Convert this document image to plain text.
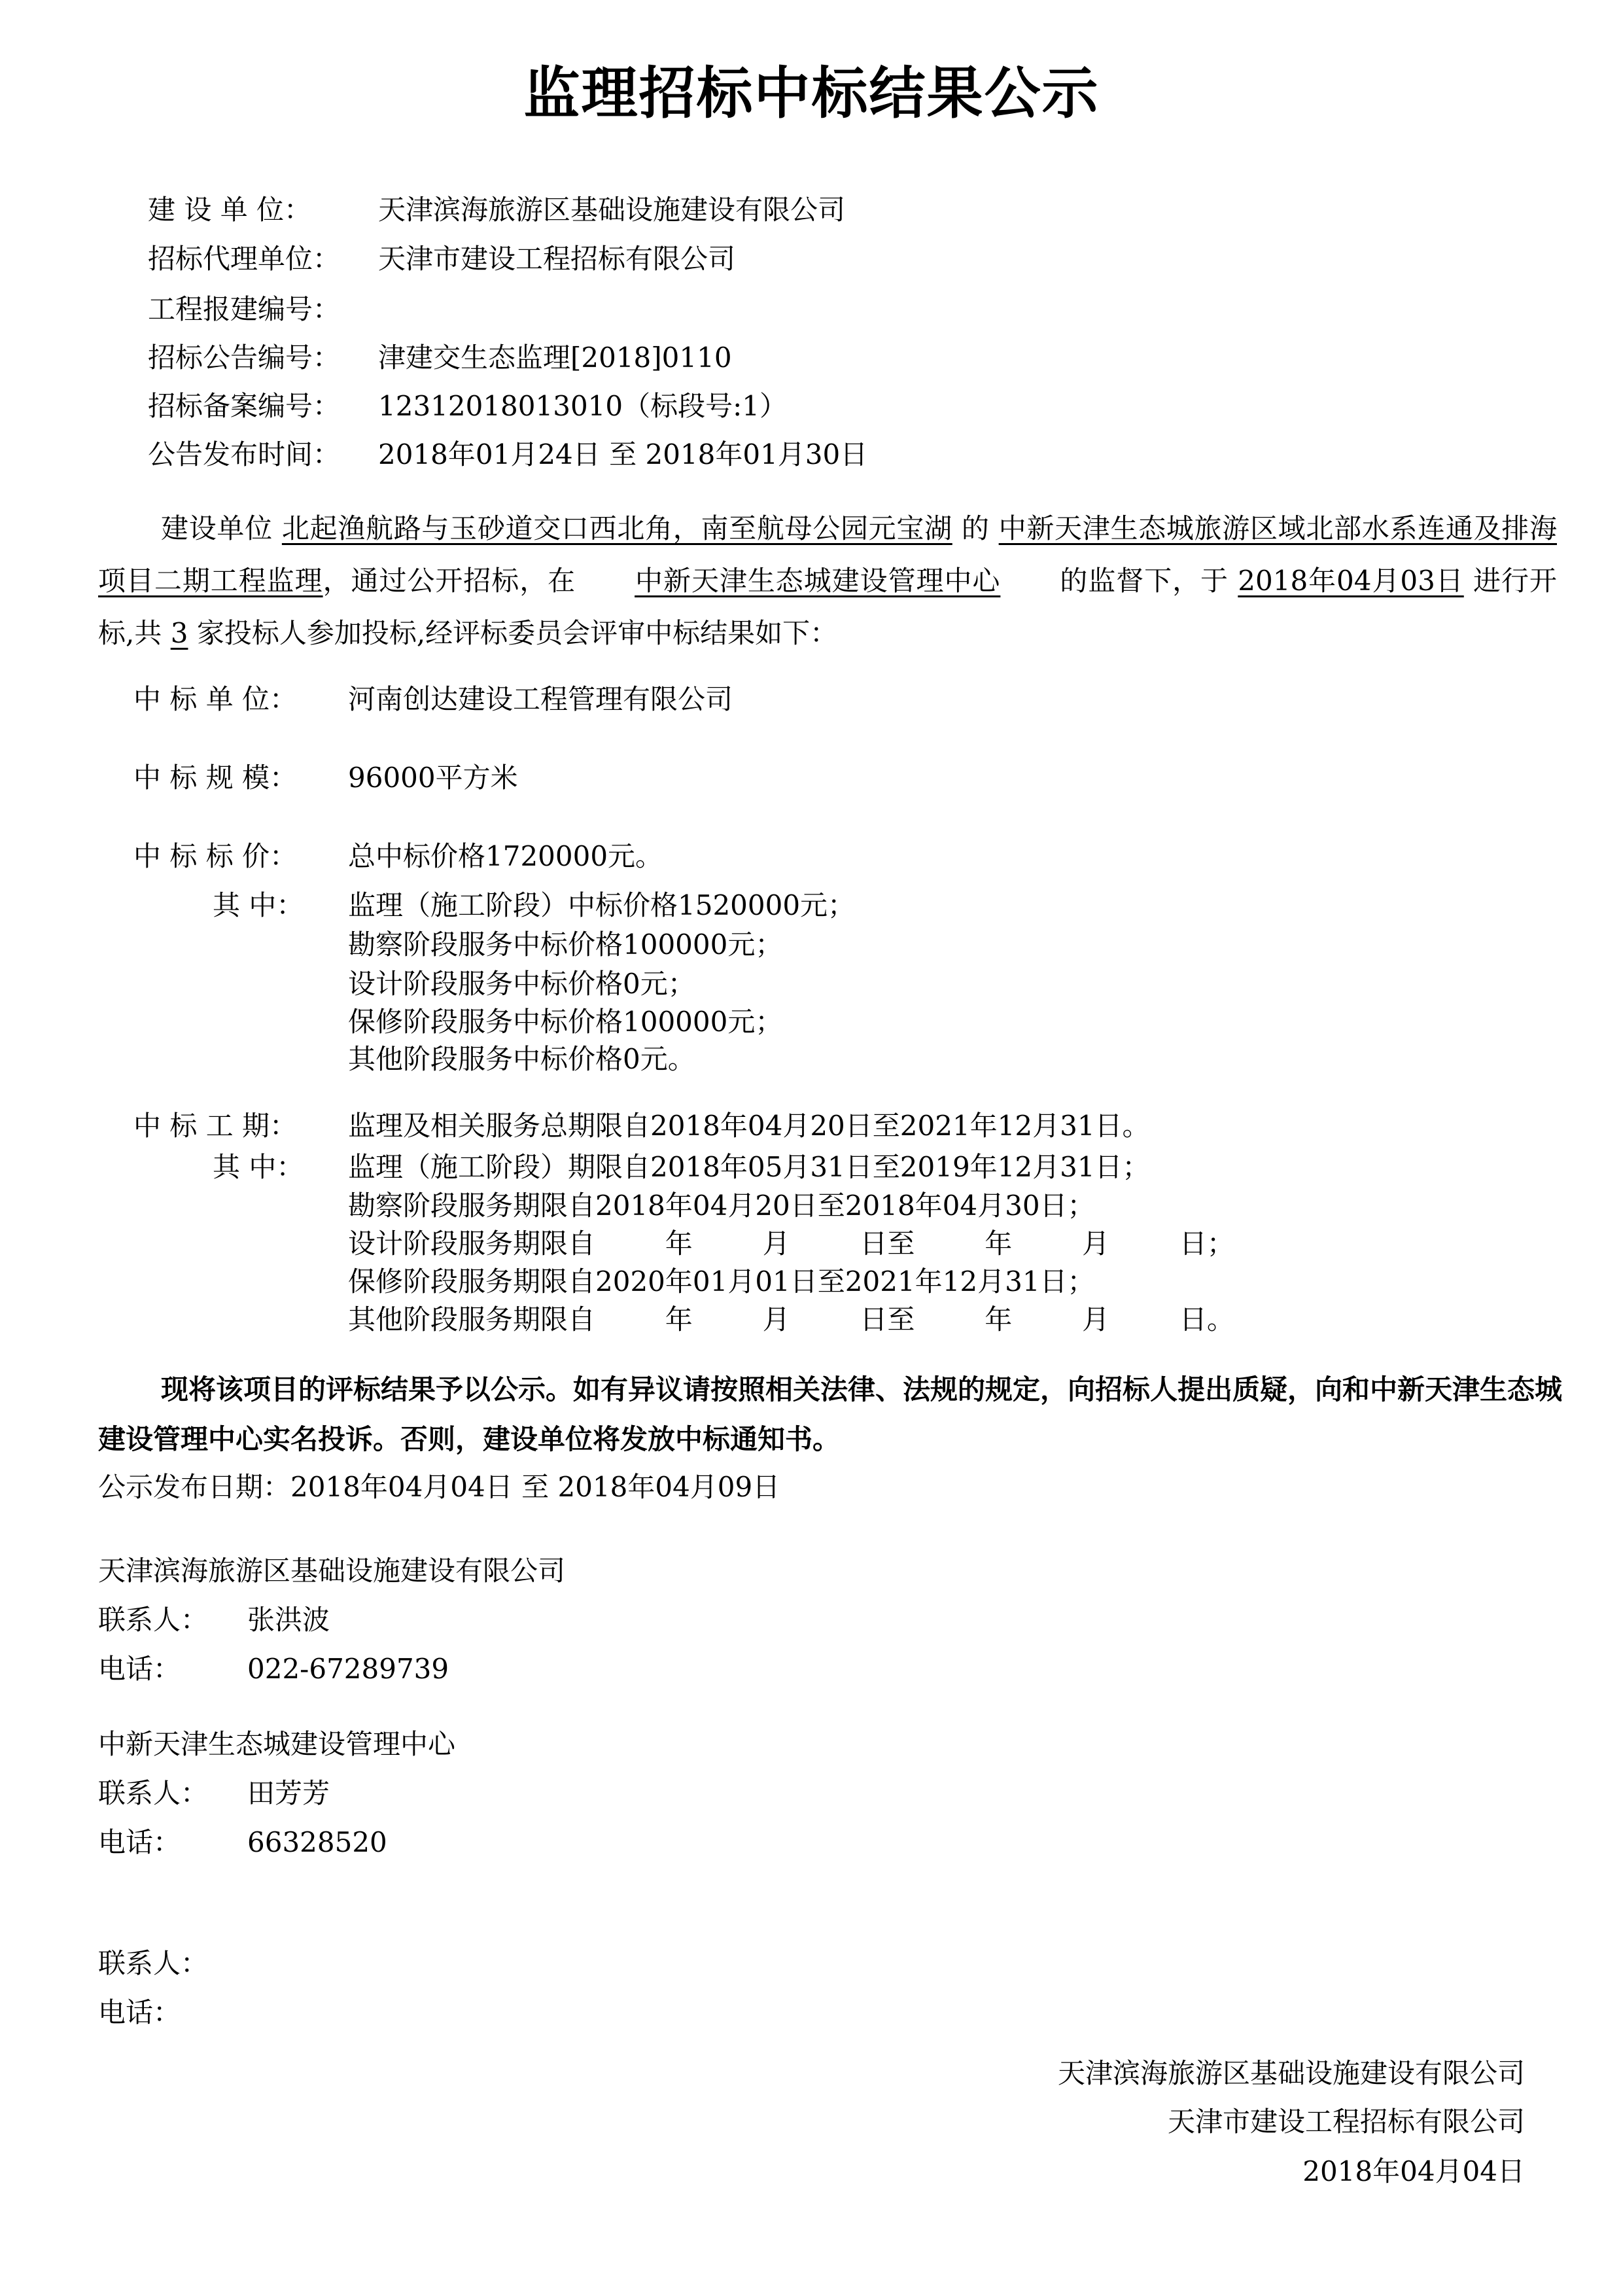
监理招标中标结果公示
建 设 单 位： 天津滨海旅游区基础设施建设有限公司
招标代理单位： 天津市建设工程招标有限公司
工程报建编号：
招标公告编号： 津建交生态监理[2018]0110
招标备案编号： 12312018013010（标段号:1）
公告发布时间： 2018年01月24日 至 2018年01月30日
建设单位 北起渔航路与玉砂道交口西北角，南至航母公园元宝湖 的 中新天津生态城旅游区域北部水系连通及排海项目二期工程监理，通过公开招标，在 中新天津生态城建设管理中心 的监督下，于 2018年04月03日 进行开标,共 3 家投标人参加投标,经评标委员会评审中标结果如下：
中 标 单 位： 河南创达建设工程管理有限公司
中 标 规 模： 96000平方米
中 标 标 价： 总中标价格1720000元。
其 中： 监理（施工阶段）中标价格1520000元；
勘察阶段服务中标价格100000元；
设计阶段服务中标价格0元；
保修阶段服务中标价格100000元；
其他阶段服务中标价格0元。
中 标 工 期： 监理及相关服务总期限自2018年04月20日至2021年12月31日。
其 中： 监理（施工阶段）期限自2018年05月31日至2019年12月31日；
勘察阶段服务期限自2018年04月20日至2018年04月30日；
设计阶段服务期限自        年        月        日至        年        月        日；
保修阶段服务期限自2020年01月01日至2021年12月31日；
其他阶段服务期限自        年        月        日至        年        月        日。
现将该项目的评标结果予以公示。如有异议请按照相关法律、法规的规定，向招标人提出质疑，向和中新天津生态城建设管理中心实名投诉。否则，建设单位将发放中标通知书。
公示发布日期：2018年04月04日 至 2018年04月09日
天津滨海旅游区基础设施建设有限公司
联系人： 张洪波
电话： 022-67289739
中新天津生态城建设管理中心
联系人： 田芳芳
电话： 66328520
联系人：
电话：
天津滨海旅游区基础设施建设有限公司
天津市建设工程招标有限公司
2018年04月04日
